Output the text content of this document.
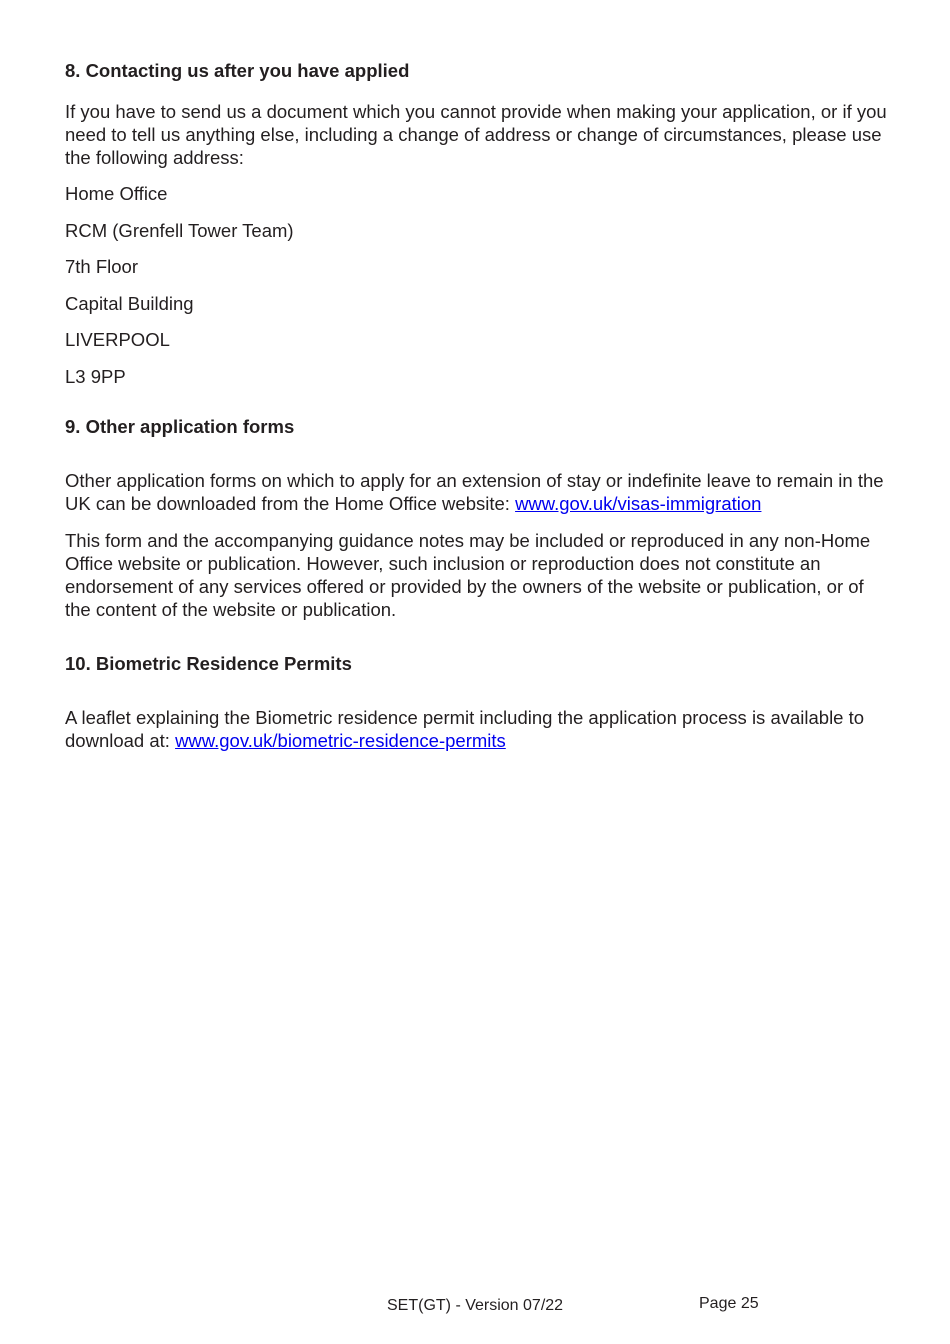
8. Contacting us after you have applied

If you have to send us a document which you cannot provide when making your application, or if you need to tell us anything else, including a change of address or change of circumstances, please use the following address:

Home Office

RCM (Grenfell Tower Team)

7th Floor

Capital Building

LIVERPOOL

L3 9PP

9. Other application forms

Other application forms on which to apply for an extension of stay or indefinite leave to remain in the UK can be downloaded from the Home Office website: www.gov.uk/visas-immigration

This form and the accompanying guidance notes may be included or reproduced in any non-Home Office website or publication. However, such inclusion or reproduction does not constitute an endorsement of any services offered or provided by the owners of the website or publication, or of the content of the website or publication.

10. Biometric Residence Permits

A leaflet explaining the Biometric residence permit including the application process is available to download at: www.gov.uk/biometric-residence-permits

SET(GT) - Version 07/22	Page 25
